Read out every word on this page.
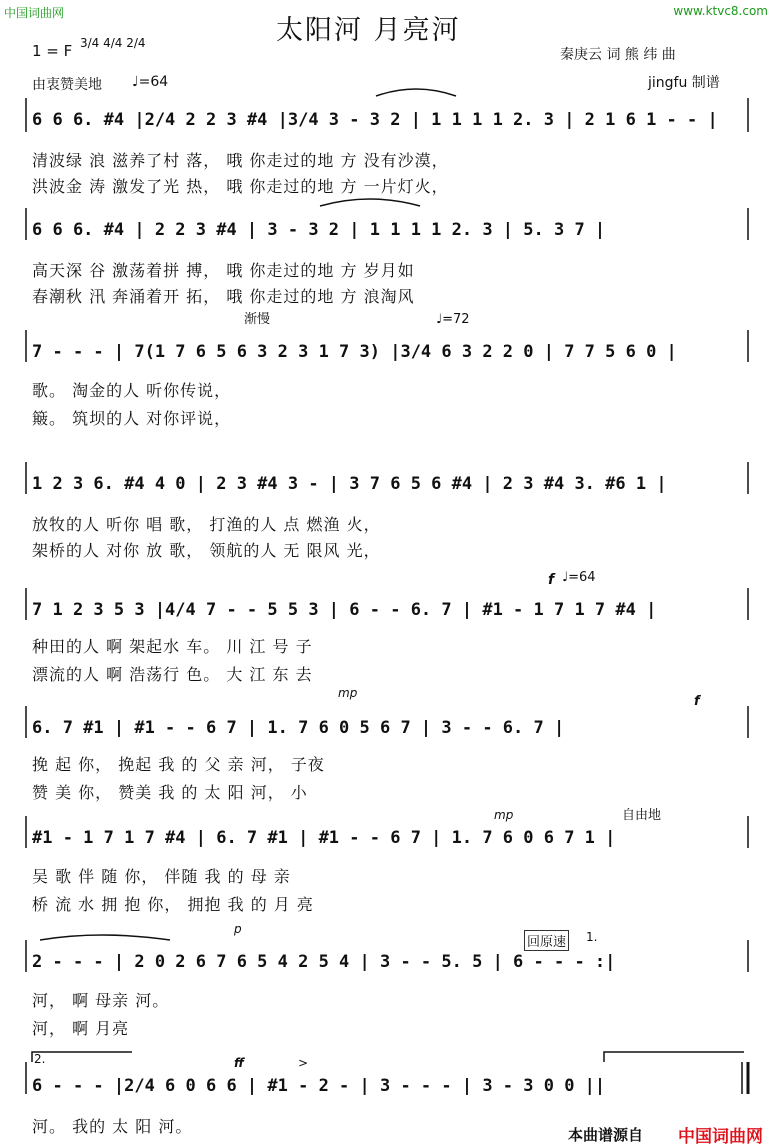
中国词曲网	www.ktvc8.com
太阳河 月亮河
1 = F 3/4 4/4 2/4
秦庚云 词 熊 纬 曲
jingfu 制谱
由衷赞美地 ♩=64
6 6 6. #4 |2/4 2 2 3 #4 |3/4 3 - 3 2 | 1 1 1 1 2. 3 | 2 1 6 1 - - |
清波绿 浪 滋养了村 落， 哦 你走过的地 方 没有沙漠，
洪波金 涛 激发了光 热， 哦 你走过的地 方 一片灯火，
6 6 6. #4 | 2 2 3 #4 | 3 - 3 2 | 1 1 1 1 2. 3 | 5. 3 7 |
高天深 谷 激荡着拼 搏， 哦 你走过的地 方 岁月如
春潮秋 汛 奔涌着开 拓， 哦 你走过的地 方 浪淘风
渐慢	♩=72
7 - - - | 7(1 7 6 5 6 3 2 3 1 7 3) |3/4 6 3 2 2 0 | 7 7 5 6 0 |
歌。 淘金的人 听你传说，
簸。 筑坝的人 对你评说，
1 2 3 6. #4 4 0 | 2 3 #4 3 - | 3 7 6 5 6 #4 | 2 3 #4 3. #6 1 |
放牧的人 听你 唱 歌， 打渔的人 点 燃渔 火，
架桥的人 对你 放 歌， 领航的人 无 限风 光，
f ♩=64
7 1 2 3 5 3 |4/4 7 - - 5 5 3 | 6 - - 6. 7 | #1 - 1 7 1 7 #4 |
种田的人 啊 架起水 车。 川 江 号 子
漂流的人 啊 浩荡行 色。 大 江 东 去
mp
f
6. 7 #1 | #1 - - 6 7 | 1. 7 6 0 5 6 7 | 3 - - 6. 7 |
挽 起 你， 挽起 我 的 父 亲 河， 子夜
赞 美 你， 赞美 我 的 太 阳 河， 小
mp	自由地
#1 - 1 7 1 7 #4 | 6. 7 #1 | #1 - - 6 7 | 1. 7 6 0 6 7 1 |
吴 歌 伴 随 你， 伴随 我 的 母 亲
桥 流 水 拥 抱 你， 拥抱 我 的 月 亮
p
回原速 1.
2 - - - | 2 0 2 6 7 6 5 4 2 5 4 | 3 - - 5. 5 | 6 - - - :|
河， 啊 母亲 河。
河， 啊 月亮
2.	ff	>
6 - - - |2/4 6 0 6 6 | #1 - 2 - | 3 - - - | 3 - 3 0 0 ||
河。 我的 太 阳 河。	本曲谱源自 中国词曲网
